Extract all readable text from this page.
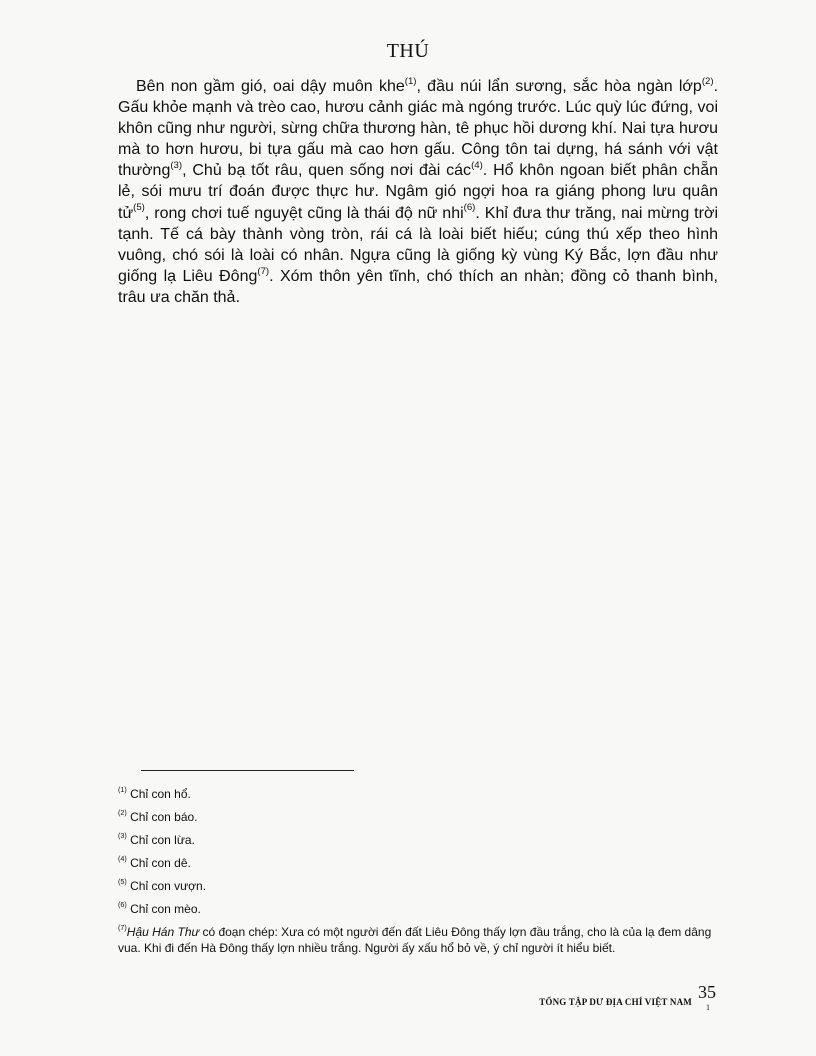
THÚ

Bên non gầm gió, oai dậy muôn khe$^{(1)}$, đầu núi lẩn sương, sắc hòa ngàn lớp$^{(2)}$. Gấu khỏe mạnh và trèo cao, hươu cảnh giác mà ngóng trước. Lúc quỳ lúc đứng, voi khôn cũng như người, sừng chữa thương hàn, tê phục hồi dương khí. Nai tựa hươu mà to hơn hươu, bi tựa gấu mà cao hơn gấu. Công tôn tai dựng, há sánh với vật thường$^{(3)}$, Chủ bạ tốt râu, quen sống nơi đài các$^{(4)}$. Hổ khôn ngoan biết phân chẵn lẻ, sói mưu trí đoán được thực hư. Ngâm gió ngợi hoa ra giáng phong lưu quân tử$^{(5)}$, rong chơi tuế nguyệt cũng là thái độ nữ nhi$^{(6)}$. Khỉ đưa thư trăng, nai mừng trời tạnh. Tế cá bày thành vòng tròn, rái cá là loài biết hiếu; cúng thú xếp theo hình vuông, chó sói là loài có nhân. Ngựa cũng là giống kỳ vùng Ký Bắc, lợn đầu như giống lạ Liêu Đông$^{(7)}$. Xóm thôn yên tĩnh, chó thích an nhàn; đồng cỏ thanh bình, trâu ưa chăn thả.

$^{(1)}$ Chỉ con hổ.
$^{(2)}$ Chỉ con báo.
$^{(3)}$ Chỉ con lừa.
$^{(4)}$ Chỉ con dê.
$^{(5)}$ Chỉ con vượn.
$^{(6)}$ Chỉ con mèo.
$^{(7)}$Hậu Hán Thư có đoạn chép: Xưa có một người đến đất Liêu Đông thấy lợn đầu trắng, cho là của lạ đem dâng vua. Khi đi đến Hà Đông thấy lợn nhiều trắng. Người ấy xấu hổ bỏ về, ý chỉ người ít hiểu biết.
TỔNG TẬP DƯ ĐỊA CHÍ VIỆT NAM 35
1
